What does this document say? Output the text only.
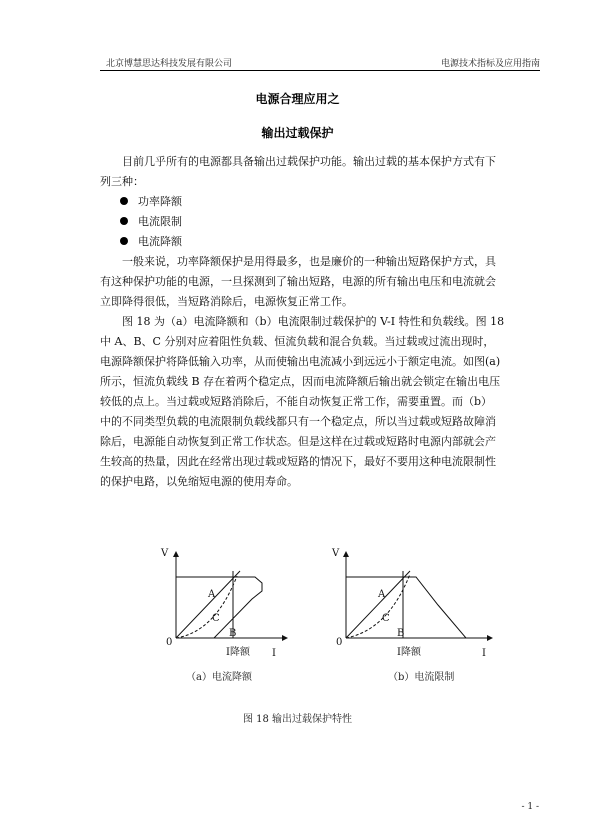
北京博慧思达科技发展有限公司	电源技术指标及应用指南
电源合理应用之
输出过载保护
目前几乎所有的电源都具备输出过载保护功能。输出过载的基本保护方式有下
列三种：
功率降额
电流限制
电流降额
一般来说，功率降额保护是用得最多，也是廉价的一种输出短路保护方式，具
有这种保护功能的电源，一旦探测到了输出短路，电源的所有输出电压和电流就会
立即降得很低，当短路消除后，电源恢复正常工作。
图 18 为（a）电流降额和（b）电流限制过载保护的 V-I 特性和负载线。图 18
中 A、B、C 分别对应着阻性负载、恒流负载和混合负载。当过载或过流出现时，
电源降额保护将降低输入功率，从而使输出电流减小到远远小于额定电流。如图(a)
所示，恒流负载线 B 存在着两个稳定点，因而电流降额后输出就会锁定在输出电压
较低的点上。当过载或短路消除后，不能自动恢复正常工作，需要重置。而（b）
中的不同类型负载的电流限制负载线都只有一个稳定点，所以当过载或短路故障消
除后，电源能自动恢复到正常工作状态。但是这样在过载或短路时电源内部就会产
生较高的热量，因此在经常出现过载或短路的情况下，最好不要用这种电流限制性
的保护电路，以免缩短电源的使用寿命。
V
I
0
A
C
B
V
I
0
A
C
B
I降额
I降额
（a）电流降额	（b）电流限制
图 18 输出过载保护特性
- 1 -
